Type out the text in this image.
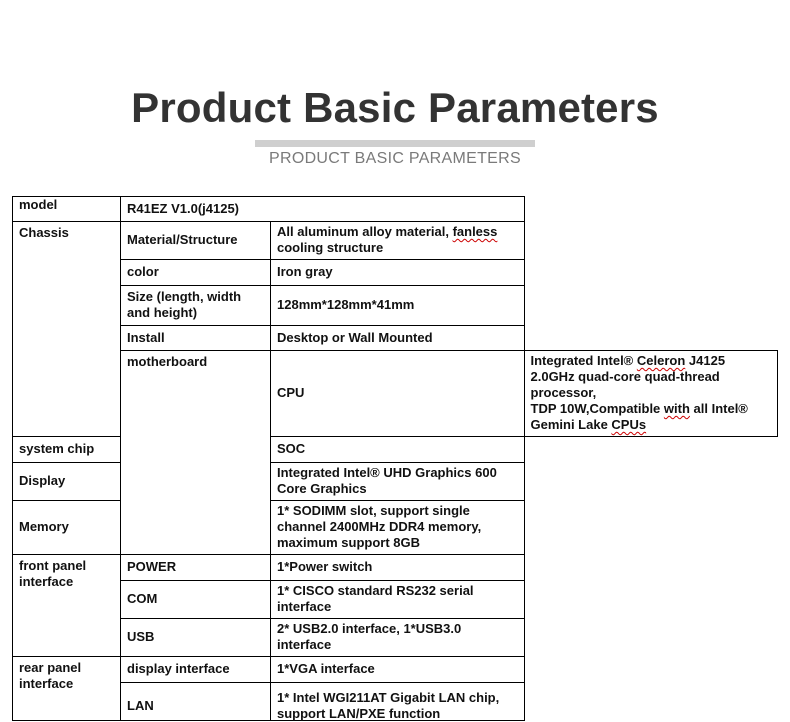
Product Basic Parameters
PRODUCT BASIC PARAMETERS
model	R41EZ V1.0(j4125)		
Chassis	Material/Structure	All aluminum alloy material, fanless cooling structure	
	color	Iron gray	
	Size (length, width and height)	128mm*128mm*41mm	
	Install	Desktop or Wall Mounted	
	motherboard	CPU	Integrated Intel® Celeron J4125 2.0GHz quad-core quad-thread processor,
TDP 10W,Compatible with all Intel® Gemini Lake CPUs
system chip		SOC	
Display		Integrated Intel® UHD Graphics 600 Core Graphics	
Memory		1* SODIMM slot, support single channel 2400MHz DDR4 memory,
maximum support 8GB	

front panel
interface	POWER	1*Power switch	
	COM	1* CISCO standard RS232 serial interface	
	USB	2* USB2.0 interface, 1*USB3.0 interface	

rear panel
interface	display interface	1*VGA interface	
	LAN	1* Intel WGI211AT Gigabit LAN chip, support LAN/PXE function	
